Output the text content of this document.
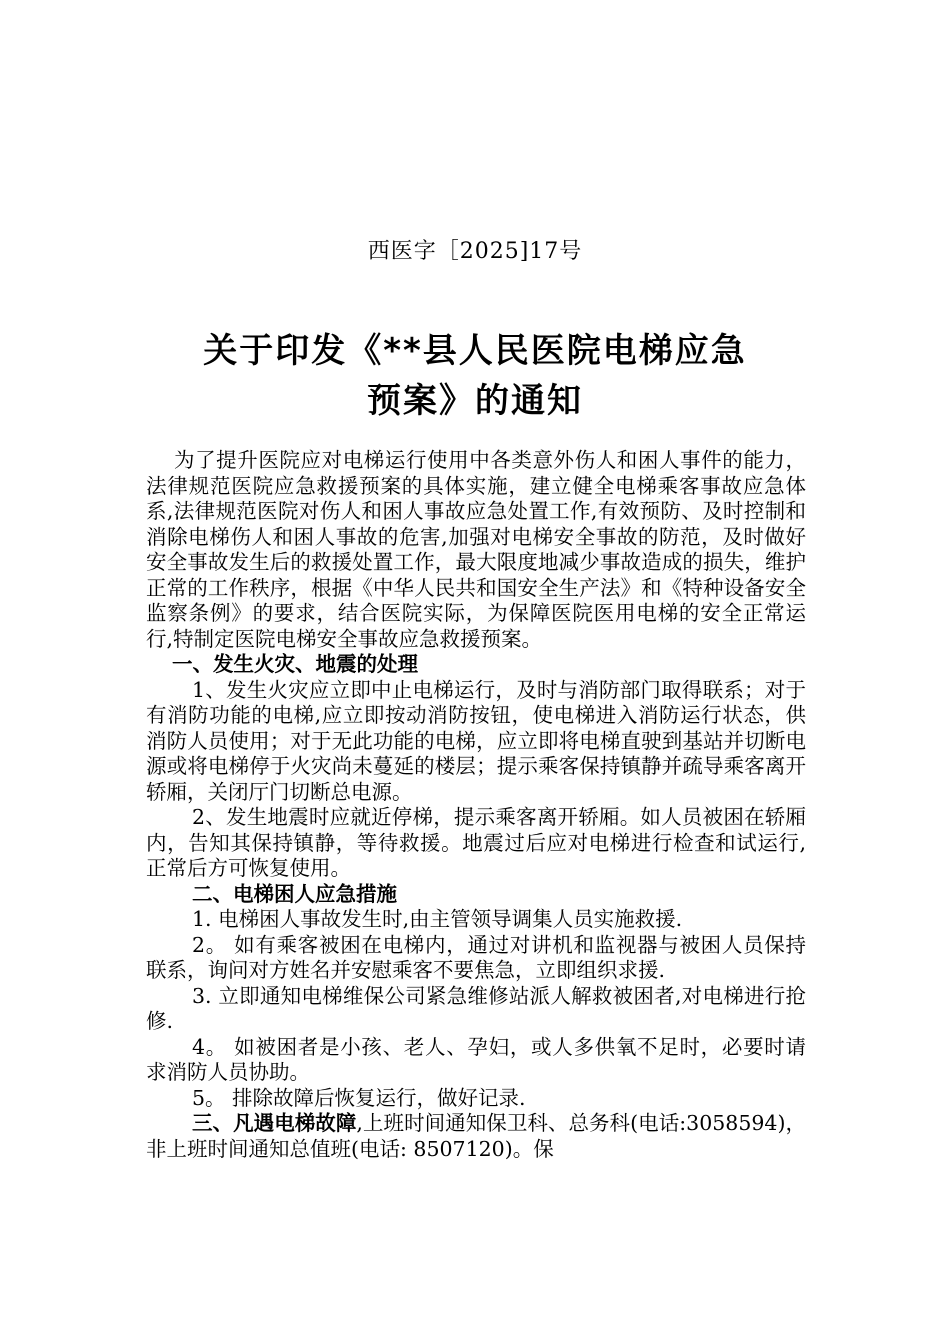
西医字［2025]17号
关于印发《**县人民医院电梯应急
预案》的通知

为了提升医院应对电梯运行使用中各类意外伤人和困人事件的能力，法律规范医院应急救援预案的具体实施，建立健全电梯乘客事故应急体系,法律规范医院对伤人和困人事故应急处置工作,有效预防、及时控制和消除电梯伤人和困人事故的危害,加强对电梯安全事故的防范，及时做好安全事故发生后的救援处置工作，最大限度地减少事故造成的损失，维护正常的工作秩序，根据《中华人民共和国安全生产法》和《特种设备安全监察条例》的要求，结合医院实际，为保障医院医用电梯的安全正常运行,特制定医院电梯安全事故应急救援预案。

一、发生火灾、地震的处理

1、发生火灾应立即中止电梯运行，及时与消防部门取得联系；对于有消防功能的电梯,应立即按动消防按钮，使电梯进入消防运行状态，供消防人员使用；对于无此功能的电梯，应立即将电梯直驶到基站并切断电源或将电梯停于火灾尚未蔓延的楼层；提示乘客保持镇静并疏导乘客离开轿厢，关闭厅门切断总电源。

2、发生地震时应就近停梯，提示乘客离开轿厢。如人员被困在轿厢内，告知其保持镇静，等待救援。地震过后应对电梯进行检查和试运行,正常后方可恢复使用。

二、电梯困人应急措施

1. 电梯困人事故发生时,由主管领导调集人员实施救援.

2。 如有乘客被困在电梯内，通过对讲机和监视器与被困人员保持联系，询问对方姓名并安慰乘客不要焦急，立即组织求援.

3. 立即通知电梯维保公司紧急维修站派人解救被困者,对电梯进行抢修.

4。 如被困者是小孩、老人、孕妇，或人多供氧不足时，必要时请求消防人员协助。

5。 排除故障后恢复运行，做好记录.

三、凡遇电梯故障,上班时间通知保卫科、总务科(电话:3058594)，非上班时间通知总值班(电话: 8507120)。保
